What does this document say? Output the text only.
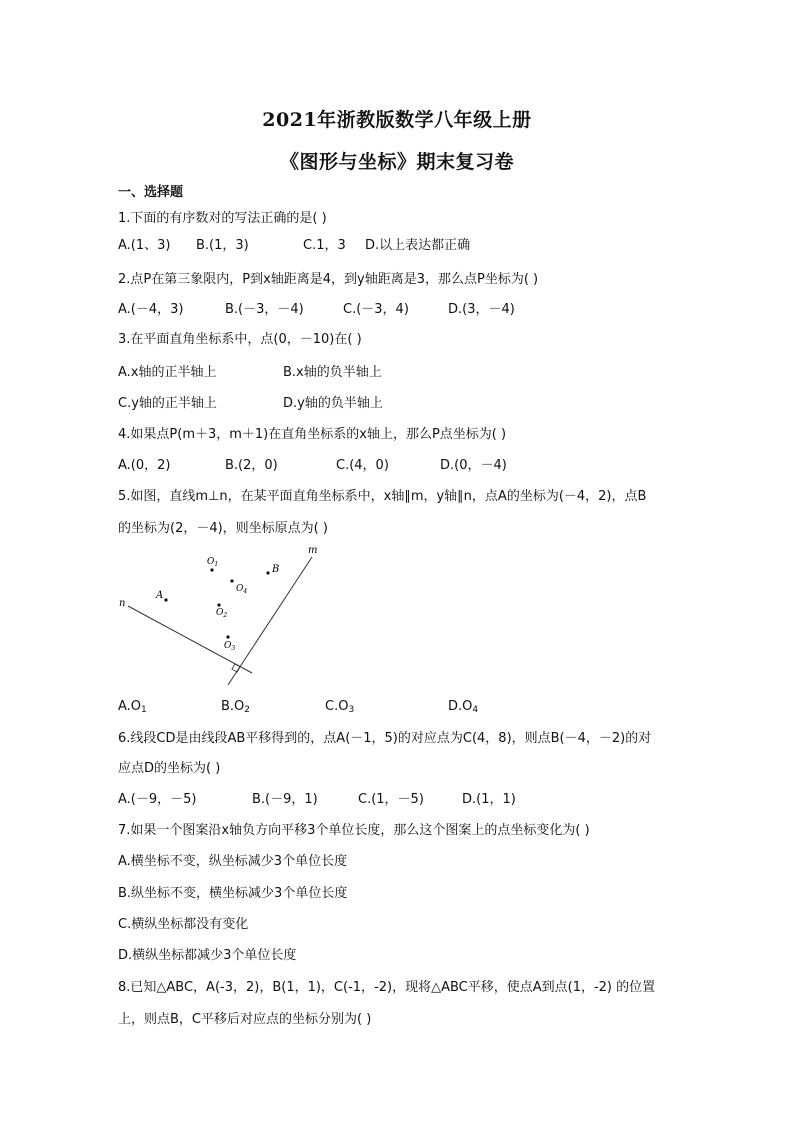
2021年浙教版数学八年级上册
《图形与坐标》期末复习卷
一、选择题
1.下面的有序数对的写法正确的是( )
A.(1、3) B.(1，3)	C.1，3 D.以上表达都正确
2.点P在第三象限内，P到x轴距离是4，到y轴距离是3，那么点P坐标为( )
A.(－4，3)	B.(－3，－4)	C.(－3，4)	D.(3，－4)
3.在平面直角坐标系中，点(0，－10)在( )
A.x轴的正半轴上	B.x轴的负半轴上
C.y轴的正半轴上	D.y轴的负半轴上
4.如果点P(m＋3，m＋1)在直角坐标系的x轴上，那么P点坐标为( )
A.(0，2)	B.(2，0)	C.(4，0)	D.(0，－4)
5.如图，直线m⊥n，在某平面直角坐标系中，x轴∥m，y轴∥n，点A的坐标为(－4，2)，点B
的坐标为(2，－4)，则坐标原点为( )
m
n
A
B
$O_1$
$O_4$
$O_2$
$O_3$
$A.O_1$	$B.O_2$	$C.O_3$	$D.O_4$
6.线段CD是由线段AB平移得到的，点A(－1，5)的对应点为C(4，8)，则点B(－4，－2)的对
应点D的坐标为( )
A.(－9，－5)	B.(－9，1)	C.(1，－5)	D.(1，1)
7.如果一个图案沿x轴负方向平移3个单位长度，那么这个图案上的点坐标变化为( )
A.横坐标不变，纵坐标减少3个单位长度
B.纵坐标不变，横坐标减少3个单位长度
C.横纵坐标都没有变化
D.横纵坐标都减少3个单位长度
8.已知△ABC，A(-3，2)，B(1，1)，C(-1，-2)，现将△ABC平移，使点A到点(1，-2) 的位置
上，则点B，C平移后对应点的坐标分别为( )
